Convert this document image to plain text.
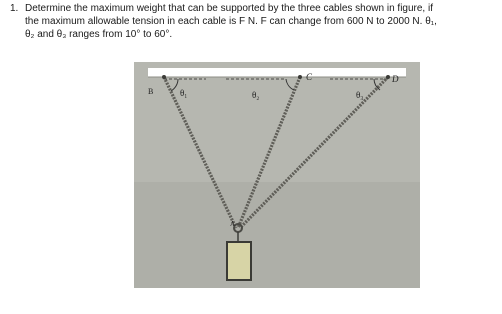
1. Determine the maximum weight that can be supported by the three cables shown in figure, if
the maximum allowable tension in each cable is F N. F can change from 600 N to 2000 N. θ₁,
θ₂ and θ₃ ranges from 10° to 60°.
B
C	D
A
θ₁	θ₂	θ₃
